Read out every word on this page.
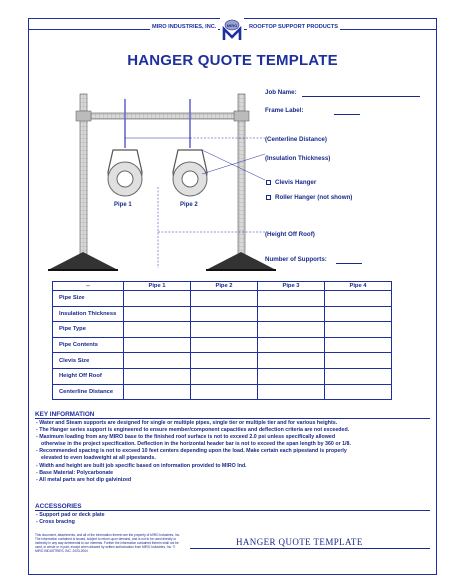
MIRO INDUSTRIES, INC.	ROOFTOP SUPPORT PRODUCTS
MIRO
HANGER QUOTE TEMPLATE
Job Name:
Frame Label:
(Centerline Distance)
(Insulation Thickness)
Clevis Hanger
Roller Hanger (not shown)
(Height Off Roof)
Number of Supports:
Pipe 1	Pipe 2
--	Pipe 1	Pipe 2	Pipe 3	Pipe 4
Pipe Size				
Insulation Thickness				
Pipe Type				
Pipe Contents				
Clevis Size				
Height Off Roof				
Centerline Distance				
KEY INFORMATION
- Water and Steam supports are designed for single or multiple pipes, single tier or multiple tier and for various heights.
- The Hanger series support is engineered to ensure member/component capacities and deflection criteria are not exceeded.
- Maximum loading from any MIRO base to the finished roof surface is not to exceed 2.0 psi unless specifically allowed
otherwise in the project specification. Deflection in the horizontal header bar is not to exceed the span length by 360 or 1/8.
- Recommended spacing is not to exceed 10 feet centers depending upon the load. Make certain each pipestand is properly
elevated to even loadweight at all pipestands.
- Width and height are built job specific based on information provided to MIRO Ind.
- Base Material: Polycarbonate
- All metal parts are hot dip galvinized
ACCESSORIES
- Support pad or deck plate
- Cross bracing
This document, attachments, and all of the information therein are the property of MIRO Industries, Inc. The information contained is issued, subject to return upon demand, and is not to be used directly or indirectly in any way detrimental to our interests. Further the information contained therein shall not be used, in whole or in part, except when allowed by written authorization from MIRO Industries, Inc. © MIRO INDUSTRIES, INC. 2003-2004
HANGER QUOTE TEMPLATE
